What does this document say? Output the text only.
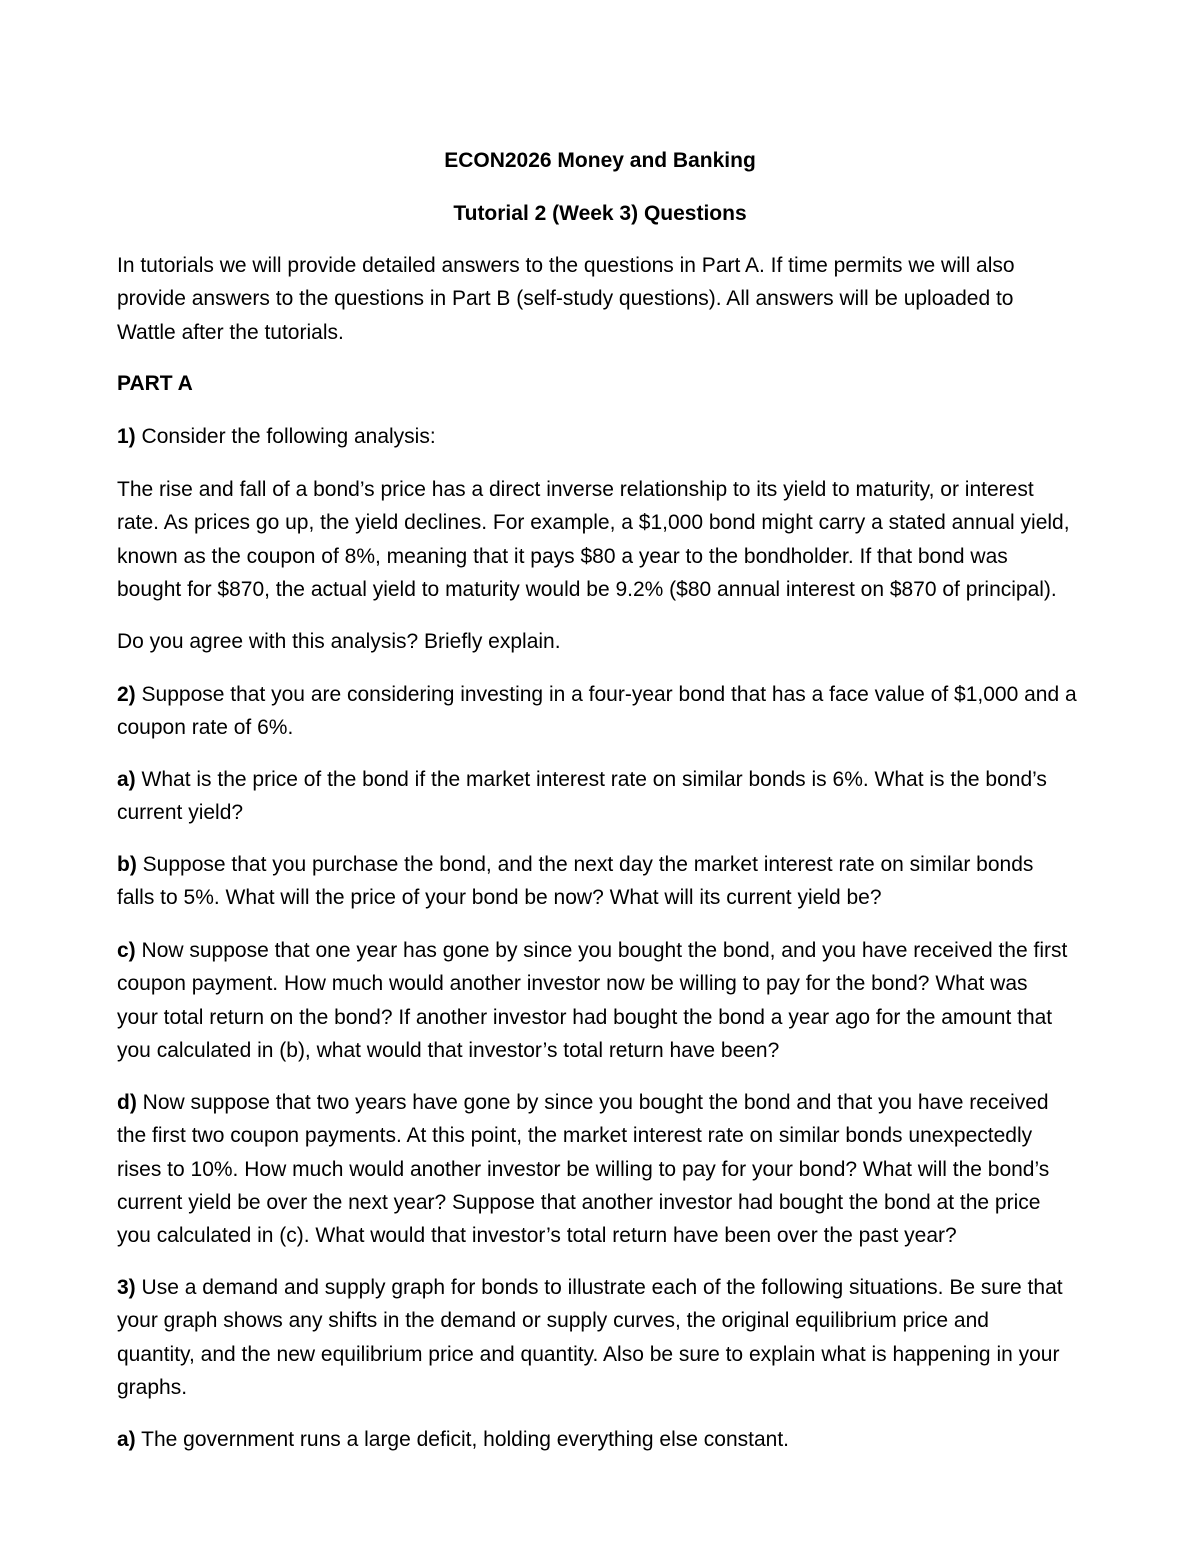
ECON2026 Money and Banking
Tutorial 2 (Week 3) Questions
In tutorials we will provide detailed answers to the questions in Part A. If time permits we will also
provide answers to the questions in Part B (self-study questions). All answers will be uploaded to
Wattle after the tutorials.
PART A
1) Consider the following analysis:
The rise and fall of a bond’s price has a direct inverse relationship to its yield to maturity, or interest
rate. As prices go up, the yield declines. For example, a $1,000 bond might carry a stated annual yield,
known as the coupon of 8%, meaning that it pays $80 a year to the bondholder. If that bond was
bought for $870, the actual yield to maturity would be 9.2% ($80 annual interest on $870 of principal).
Do you agree with this analysis? Briefly explain.
2) Suppose that you are considering investing in a four-year bond that has a face value of $1,000 and a
coupon rate of 6%.
a) What is the price of the bond if the market interest rate on similar bonds is 6%. What is the bond’s
current yield?
b) Suppose that you purchase the bond, and the next day the market interest rate on similar bonds
falls to 5%. What will the price of your bond be now? What will its current yield be?
c) Now suppose that one year has gone by since you bought the bond, and you have received the first
coupon payment. How much would another investor now be willing to pay for the bond? What was
your total return on the bond? If another investor had bought the bond a year ago for the amount that
you calculated in (b), what would that investor’s total return have been?
d) Now suppose that two years have gone by since you bought the bond and that you have received
the first two coupon payments. At this point, the market interest rate on similar bonds unexpectedly
rises to 10%. How much would another investor be willing to pay for your bond? What will the bond’s
current yield be over the next year? Suppose that another investor had bought the bond at the price
you calculated in (c). What would that investor’s total return have been over the past year?
3) Use a demand and supply graph for bonds to illustrate each of the following situations. Be sure that
your graph shows any shifts in the demand or supply curves, the original equilibrium price and
quantity, and the new equilibrium price and quantity. Also be sure to explain what is happening in your
graphs.
a) The government runs a large deficit, holding everything else constant.
